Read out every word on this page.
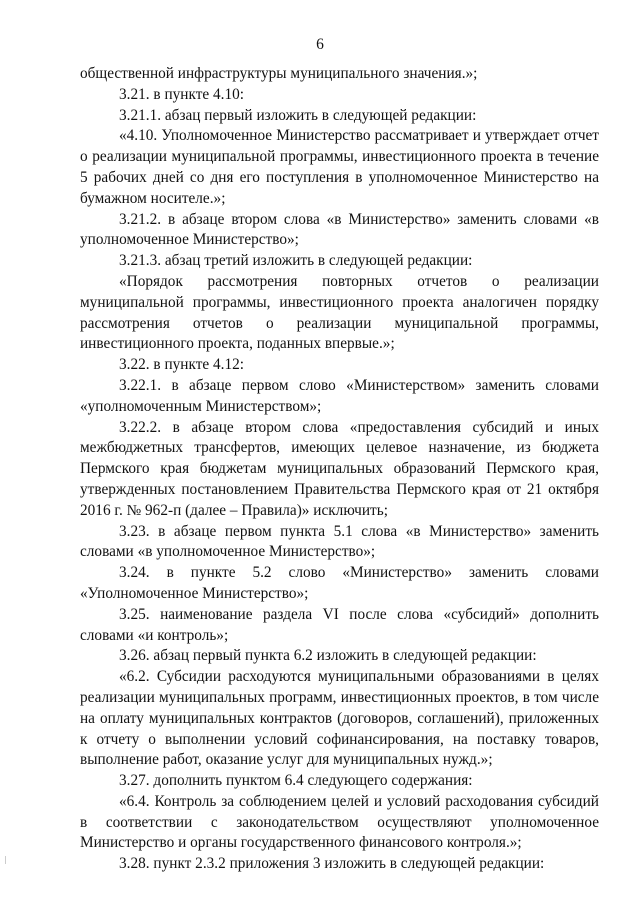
6

общественной инфраструктуры муниципального значения.»;

3.21. в пункте 4.10:

3.21.1. абзац первый изложить в следующей редакции:

«4.10. Уполномоченное Министерство рассматривает и утверждает отчет о реализации муниципальной программы, инвестиционного проекта в течение 5 рабочих дней со дня его поступления в уполномоченное Министерство на бумажном носителе.»;

3.21.2. в абзаце втором слова «в Министерство» заменить словами «в уполномоченное Министерство»;

3.21.3. абзац третий изложить в следующей редакции:

«Порядок рассмотрения повторных отчетов о реализации муниципальной программы, инвестиционного проекта аналогичен порядку рассмотрения отчетов о реализации муниципальной программы, инвестиционного проекта, поданных впервые.»;

3.22. в пункте 4.12:

3.22.1. в абзаце первом слово «Министерством» заменить словами «уполномоченным Министерством»;

3.22.2. в абзаце втором слова «предоставления субсидий и иных межбюджетных трансфертов, имеющих целевое назначение, из бюджета Пермского края бюджетам муниципальных образований Пермского края, утвержденных постановлением Правительства Пермского края от 21 октября 2016 г. № 962-п (далее – Правила)» исключить;

3.23. в абзаце первом пункта 5.1 слова «в Министерство» заменить словами «в уполномоченное Министерство»;

3.24. в пункте 5.2 слово «Министерство» заменить словами «Уполномоченное Министерство»;

3.25. наименование раздела VI после слова «субсидий» дополнить словами «и контроль»;

3.26. абзац первый пункта 6.2 изложить в следующей редакции:

«6.2. Субсидии расходуются муниципальными образованиями в целях реализации муниципальных программ, инвестиционных проектов, в том числе на оплату муниципальных контрактов (договоров, соглашений), приложенных к отчету о выполнении условий софинансирования, на поставку товаров, выполнение работ, оказание услуг для муниципальных нужд.»;

3.27. дополнить пунктом 6.4 следующего содержания:

«6.4. Контроль за соблюдением целей и условий расходования субсидий в соответствии с законодательством осуществляют уполномоченное Министерство и органы государственного финансового контроля.»;

3.28. пункт 2.3.2 приложения 3 изложить в следующей редакции:
